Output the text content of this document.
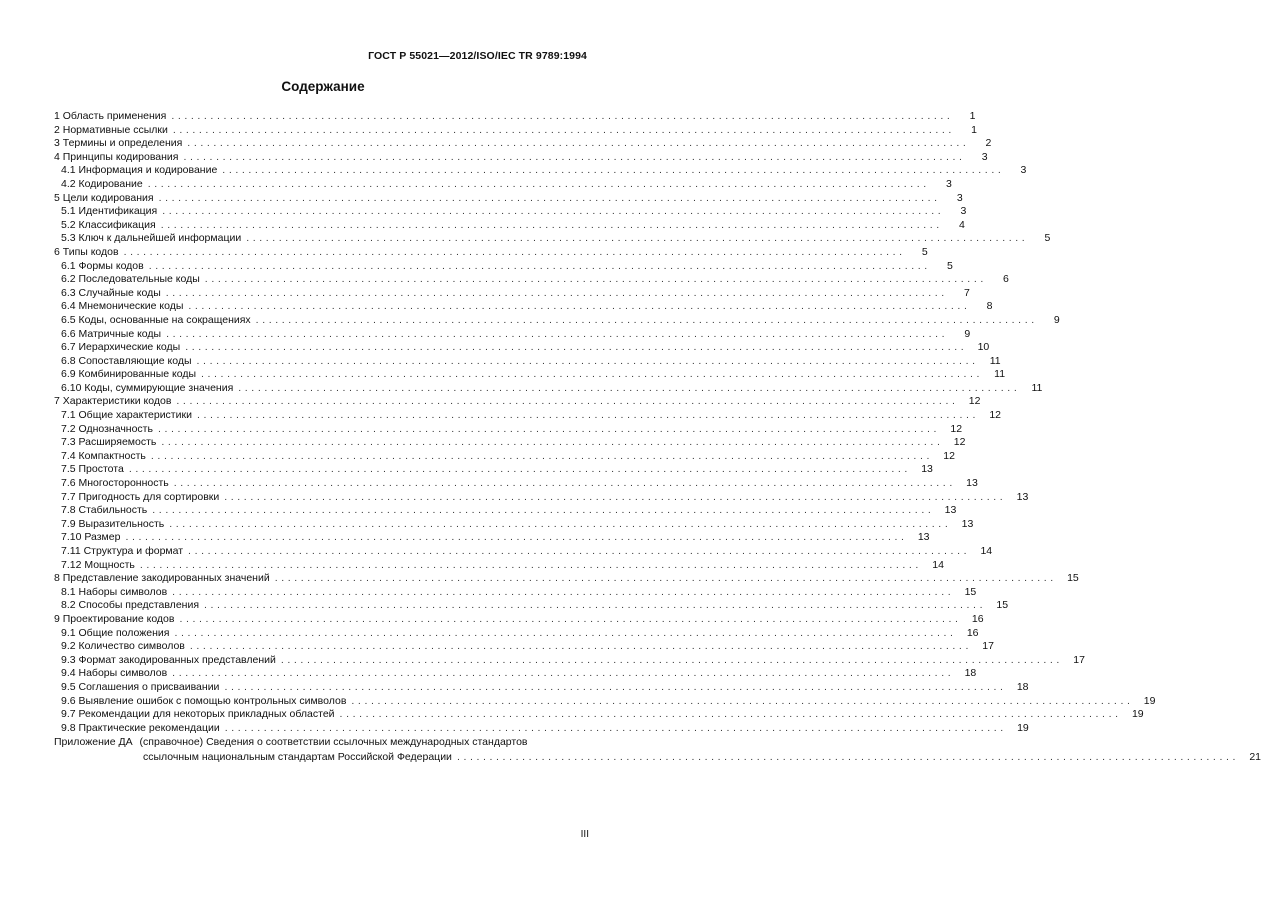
ГОСТ Р 55021—2012/ISO/IEC TR 9789:1994
Содержание
1 Область применения ........................................................................................................................	1
2 Нормативные ссылки ........................................................................................................................	1
3 Термины и определения ........................................................................................................................	2
4 Принципы кодирования ........................................................................................................................	3
4.1 Информация и кодирование ........................................................................................................................	3
4.2 Кодирование ........................................................................................................................	3
5 Цели кодирования ........................................................................................................................	3
5.1 Идентификация ........................................................................................................................	3
5.2 Классификация ........................................................................................................................	4
5.3 Ключ к дальнейшей информации ........................................................................................................................	5
6 Типы кодов ........................................................................................................................	5
6.1 Формы кодов ........................................................................................................................	5
6.2 Последовательные коды ........................................................................................................................	6
6.3 Случайные коды ........................................................................................................................	7
6.4 Мнемонические коды ........................................................................................................................	8
6.5 Коды, основанные на сокращениях ........................................................................................................................	9
6.6 Матричные коды ........................................................................................................................	9
6.7 Иерархические коды ........................................................................................................................ 10
6.8 Сопоставляющие коды ........................................................................................................................	11
6.9 Комбинированные коды ........................................................................................................................	11
6.10 Коды, суммирующие значения ........................................................................................................................	11
7 Характеристики кодов ........................................................................................................................ 12
7.1 Общие характеристики ........................................................................................................................ 12
7.2 Однозначность ........................................................................................................................ 12
7.3 Расширяемость ........................................................................................................................ 12
7.4 Компактность ........................................................................................................................ 12
7.5 Простота ........................................................................................................................ 13
7.6 Многосторонность ........................................................................................................................ 13
7.7 Пригодность для сортировки ........................................................................................................................ 13
7.8 Стабильность ........................................................................................................................ 13
7.9 Выразительность ........................................................................................................................ 13
7.10 Размер ........................................................................................................................ 13
7.11 Структура и формат ........................................................................................................................ 14
7.12 Мощность ........................................................................................................................ 14
8 Представление закодированных значений ........................................................................................................................ 15
8.1 Наборы символов ........................................................................................................................ 15
8.2 Способы представления ........................................................................................................................ 15
9 Проектирование кодов ........................................................................................................................ 16
9.1 Общие положения ........................................................................................................................ 16
9.2 Количество символов ........................................................................................................................ 17
9.3 Формат закодированных представлений ........................................................................................................................ 17
9.4 Наборы символов ........................................................................................................................ 18
9.5 Соглашения о присваивании ........................................................................................................................ 18
9.6 Выявление ошибок с помощью контрольных символов ........................................................................................................................ 19
9.7 Рекомендации для некоторых прикладных областей ........................................................................................................................ 19
9.8 Практические рекомендации ........................................................................................................................ 19
Приложение ДА (справочное) Сведения о соответствии ссылочных международных стандартов
ссылочным национальным стандартам Российской Федерации ........................................................................................................................ 21
III
